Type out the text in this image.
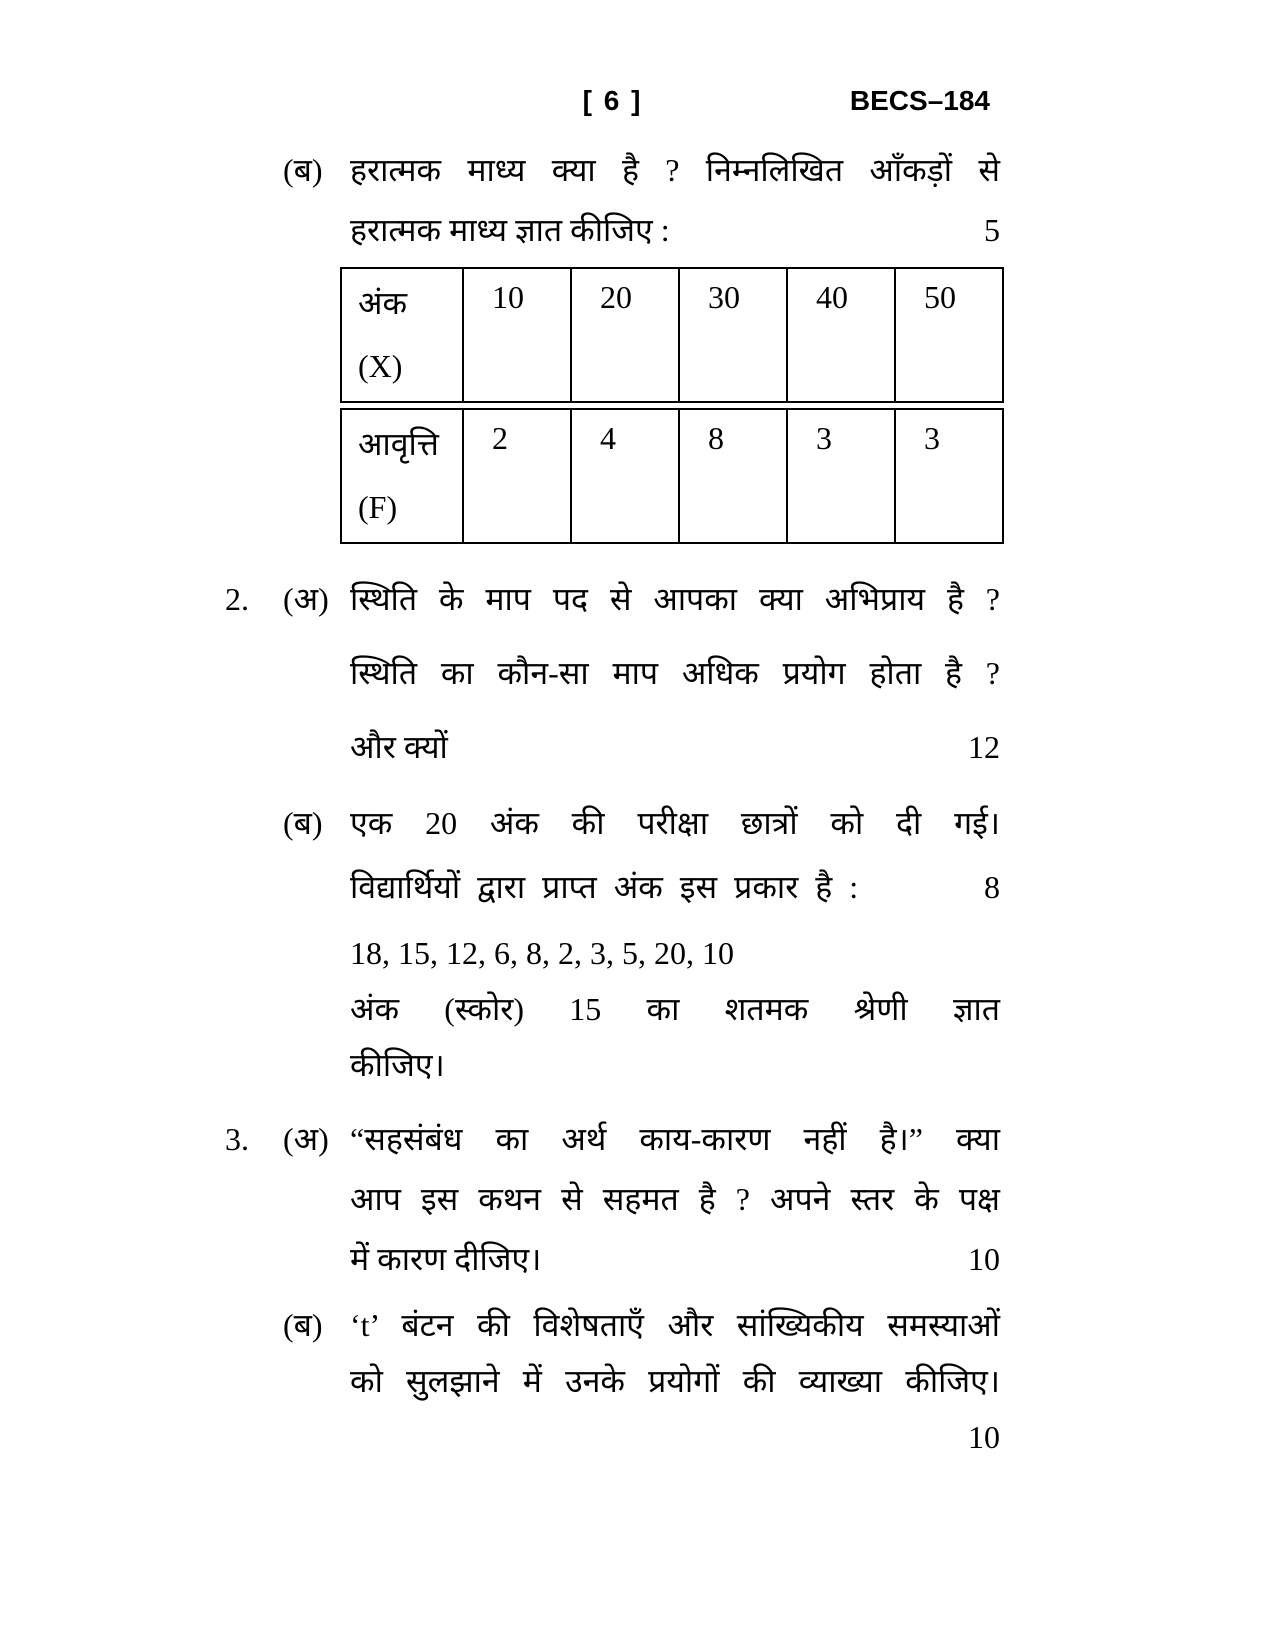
[ 6 ]	BECS–184
(ब) हरात्मक माध्य क्या है ? निम्नलिखित आँकड़ों से
हरात्मक माध्य ज्ञात कीजिए :	5
अंक
(X)
	10	20	30	40	50
आवृत्ति
(F)
	2	4	8	3	3
2.	(अ) स्थिति के माप पद से आपका क्या अभिप्राय है ?
स्थिति का कौन-सा माप अधिक प्रयोग होता है ?
और क्यों	12
(ब) एक 20 अंक की परीक्षा छात्रों को दी गई।
विद्यार्थियों द्वारा प्राप्त अंक इस प्रकार है :	8
18, 15, 12, 6, 8, 2, 3, 5, 20, 10
अंक (स्कोर) 15 का शतमक श्रेणी ज्ञात
कीजिए।
3.	(अ) “सहसंबंध का अर्थ काय-कारण नहीं है।” क्या
आप इस कथन से सहमत है ? अपने स्तर के पक्ष
में कारण दीजिए।	10
(ब) ‘t’ बंटन की विशेषताएँ और सांख्यिकीय समस्याओं
को सुलझाने में उनके प्रयोगों की व्याख्या कीजिए।
10
